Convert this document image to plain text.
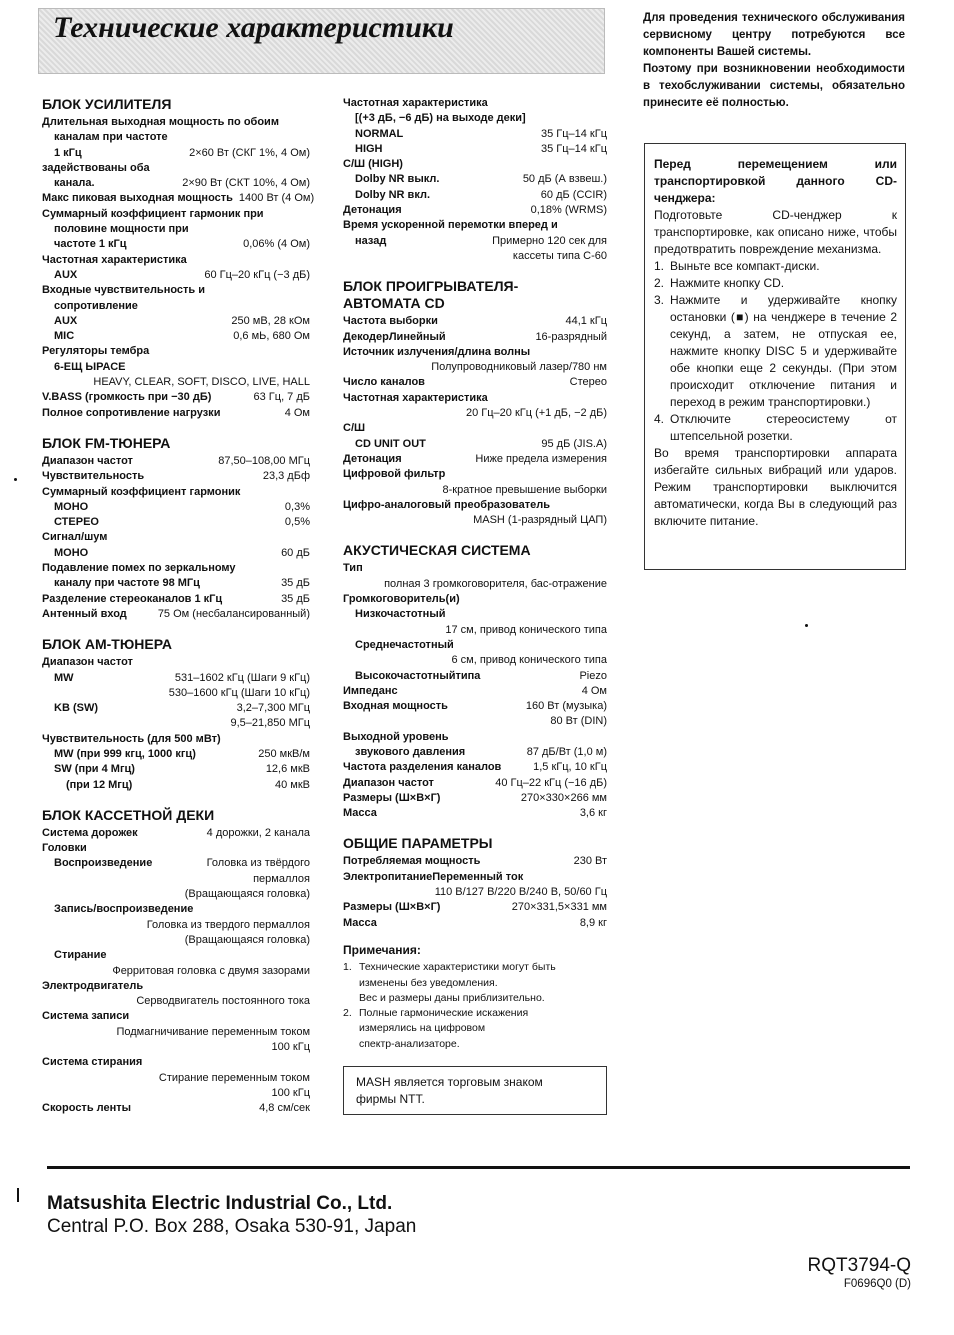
Технические характеристики
БЛОК УСИЛИТЕЛЯ
Длительная выходная мощность по обоим
каналам при частоте
1 кГц	2×60 Вт (СКГ 1%, 4 Ом)
задействованы оба
канала.	2×90 Вт (СКТ 10%, 4 Ом)
Макс пиковая выходная мощность 1400 Вт (4 Ом)
Суммарный коэффициент гармоник при
половине мощности при
частоте 1 кГц	0,06% (4 Ом)
Частотная характеристика
AUX	60 Гц–20 кГц (−3 дБ)
Входные чувствительность и
сопротивление
AUX	250 мВ, 28 кОм
MIC	0,6 мЬ, 680 Ом
Регуляторы тембра
6-ЕЩ ЫРАСЕ
HEAVY, CLEAR, SOFT, DISCO, LIVE, HALL
V.BASS (громкость при −30 дБ)	63 Гц, 7 дБ
Полное сопротивление нагрузки	4 Ом
БЛОК FM-ТЮНЕРА
Диапазон частот	87,50–108,00 МГц
Чувствительность	23,3 дБф
Суммарный коэффициент гармоник
МОНО	0,3%
СТЕРЕО	0,5%
Сигнал/шум
МОНО	60 дБ
Подавление помех по зеркальному
каналу при частоте 98 МГц	35 дБ
Разделение стереоканалов 1 кГц	35 дБ
Антенный вход	75 Ом (несбалансированный)
БЛОК АМ-ТЮНЕРА
Диапазон частот
MW	531–1602 кГц (Шаги 9 кГц)
530–1600 кГц (Шаги 10 кГц)
KB (SW)	3,2–7,300 МГц
9,5–21,850 МГц
Чувствительность (для 500 мВт)
MW (при 999 кгц, 1000 кгц)	250 мкВ/м
SW (при 4 Мгц)	12,6 мкВ
(при 12 Мгц)	40 мкВ
БЛОК КАССЕТНОЙ ДЕКИ
Система дорожек	4 дорожки, 2 канала
Головки
Воспроизведение	Головка из твёрдого
пермаллоя
(Вращающаяся головка)
Запись/воспроизведение
Головка из твердого пермаллоя
(Вращающаяся головка)
Стирание
Ферритовая головка с двумя зазорами
Электродвигатель
Серводвигатель постоянного тока
Система записи
Подмагничивание переменным током
100 кГц
Система стирания
Стирание переменным током
100 кГц
Скорость ленты	4,8 см/сек
Частотная характеристика
[(+3 дБ, −6 дБ) на выходе деки]
NORMAL	35 Гц–14 кГц
HIGH	35 Гц–14 кГц
С/Ш (HIGH)
Dolby NR выкл.	50 дБ (А взвеш.)
Dolby NR вкл.	60 дБ (CCIR)
Детонация	0,18% (WRMS)
Время ускоренной перемотки вперед и
назад	Примерно 120 сек для
кассеты типа С-60
БЛОК ПРОИГРЫВАТЕЛЯ-
АВТОМАТА CD
Частота выборки	44,1 кГц
ДекодерЛинейный	16-разрядный
Источник излучения/длина волны
Полупроводниковый лазер/780 нм
Число каналов	Стерео
Частотная характеристика
20 Гц–20 кГц (+1 дБ, −2 дБ)
С/Ш
CD UNIT OUT	95 дБ (JIS.A)
Детонация	Ниже предела измерения
Цифровой фильтр
8-кратное превышение выборки
Цифро-аналоговый преобразователь
MASH (1-разрядный ЦАП)
АКУСТИЧЕСКАЯ СИСТЕМА
Тип
полная 3 громкоговорителя, бас-отражение
Громкоговоритель(и)
Низкочастотный
17 см, привод конического типа
Среднечастотный
6 см, привод конического типа
Высокочастотныйтипа	Piezo
Импеданс	4 Ом
Входная мощность	160 Вт (музыка)
80 Вт (DIN)
Выходной уровень
звукового давления	87 дБ/Вт (1,0 м)
Частота разделения каналов	1,5 кГц, 10 кГц
Диапазон частот	40 Гц–22 кГц (−16 дБ)
Размеры (Ш×В×Г)	270×330×266 мм
Масса	3,6 кг
ОБЩИЕ ПАРАМЕТРЫ
Потребляемая мощность	230 Вт
ЭлектропитаниеПеременный ток
110 В/127 В/220 В/240 В, 50/60 Гц
Размеры (Ш×В×Г)	270×331,5×331 мм
Масса	8,9 кг
Примечания:
1. Технические характеристики могут быть
изменены без уведомления.
Вес и размеры даны приблизительно.
2. Полные гармонические искажения
измерялись на цифровом
спектр-анализаторе.
MASH является торговым знаком
фирмы NTT.

Для проведения технического обслуживания сервисному центру потребуются все компоненты Вашей системы.

Поэтому при возникновении необходимости в техобслуживании системы, обязательно принесите её полностью.

Перед перемещением или транспортировкой данного CD-ченджера:
Подготовьте CD-ченджер к транспортировке, как описано ниже, чтобы предотвратить повреждение механизма.
1. Выньте все компакт-диски.
2. Нажмите кнопку CD.
3. Нажмите и удерживайте кнопку остановки (■) на ченджере в течение 2 секунд, а затем, не отпуская ее, нажмите кнопку DISC 5 и удерживайте обе кнопки еще 2 секунды. (При этом происходит отключение питания и переход в режим транспортировки.)
4. Отключите стереосистему от штепсельной розетки.
Во время транспортировки аппарата избегайте сильных вибраций или ударов. Режим транспортировки выключится автоматически, когда Вы в следующий раз включите питание.
Matsushita Electric Industrial Co., Ltd.
Central P.O. Box 288, Osaka 530-91, Japan
RQT3794-Q
F0696Q0 (D)
